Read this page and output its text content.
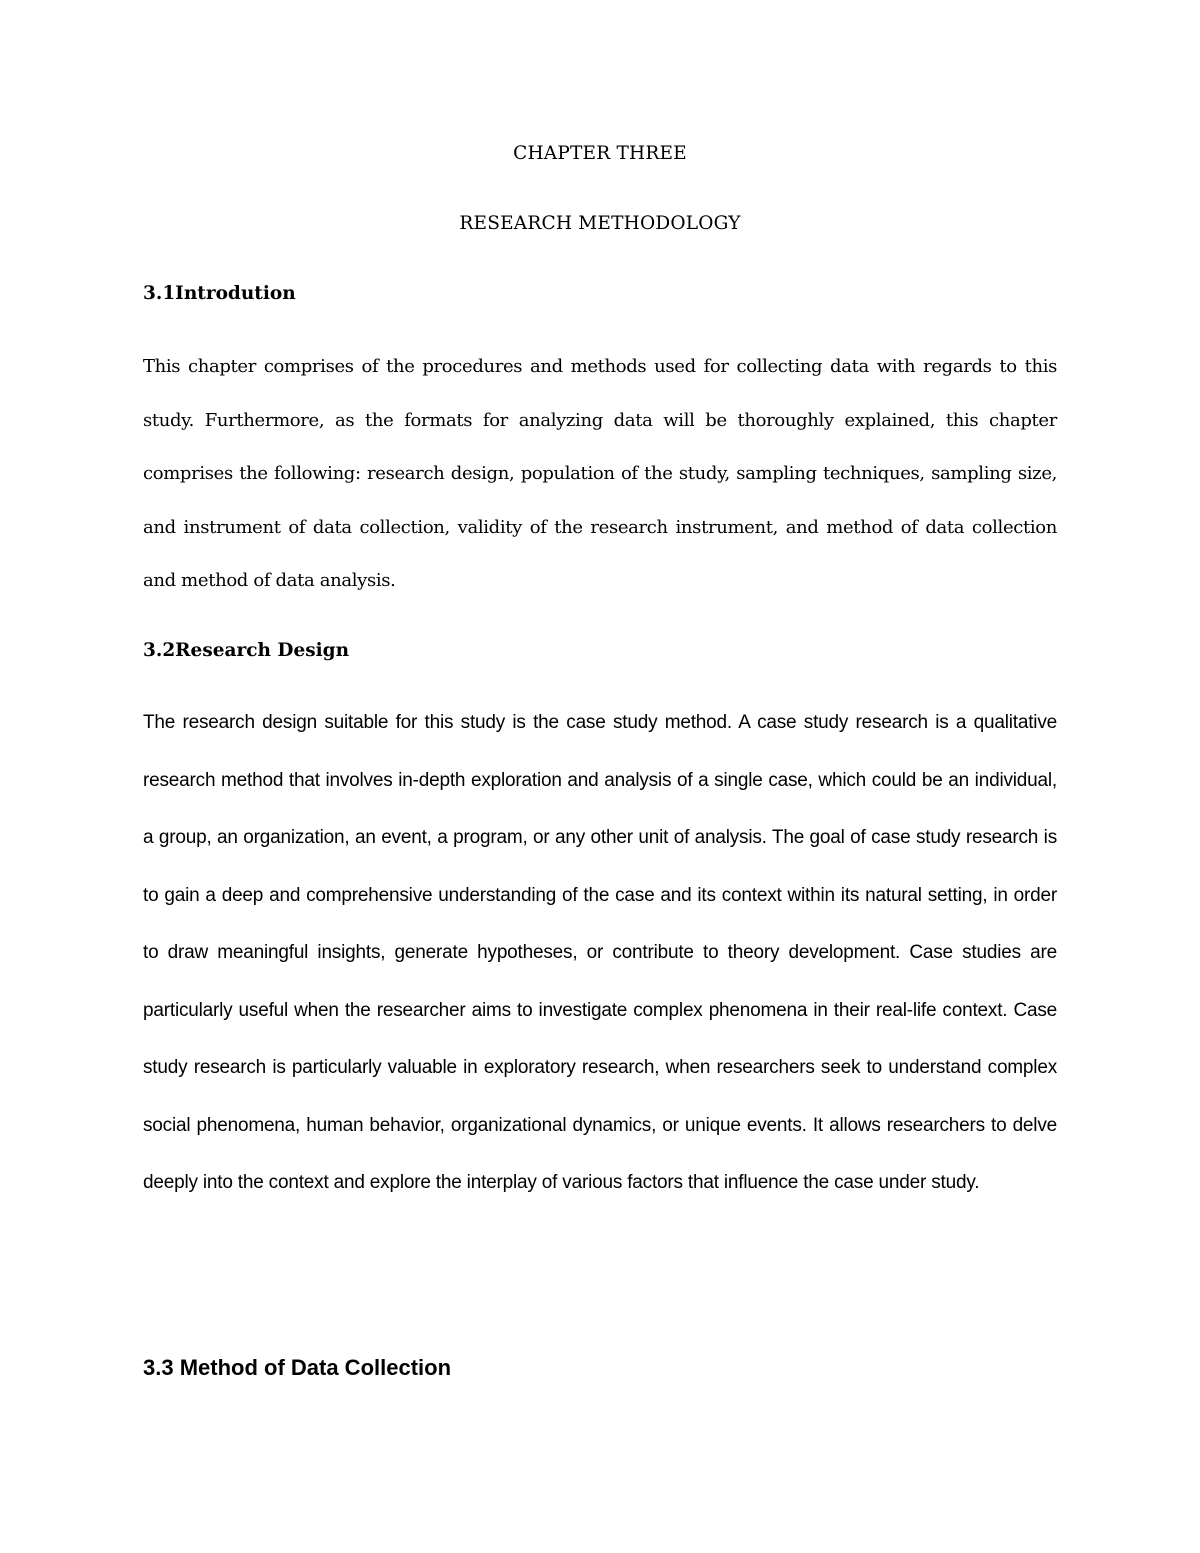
CHAPTER THREE
RESEARCH METHODOLOGY
3.1Introdution

This chapter comprises of the procedures and methods used for collecting data with regards to this study. Furthermore, as the formats for analyzing data will be thoroughly explained, this chapter comprises the following: research design, population of the study, sampling techniques, sampling size, and instrument of data collection, validity of the research instrument, and method of data collection and method of data analysis.

3.2Research Design

The research design suitable for this study is the case study method. A case study research is a qualitative research method that involves in-depth exploration and analysis of a single case, which could be an individual, a group, an organization, an event, a program, or any other unit of analysis. The goal of case study research is to gain a deep and comprehensive understanding of the case and its context within its natural setting, in order to draw meaningful insights, generate hypotheses, or contribute to theory development. Case studies are particularly useful when the researcher aims to investigate complex phenomena in their real-life context. Case study research is particularly valuable in exploratory research, when researchers seek to understand complex social phenomena, human behavior, organizational dynamics, or unique events. It allows researchers to delve deeply into the context and explore the interplay of various factors that influence the case under study.

3.3 Method of Data Collection
